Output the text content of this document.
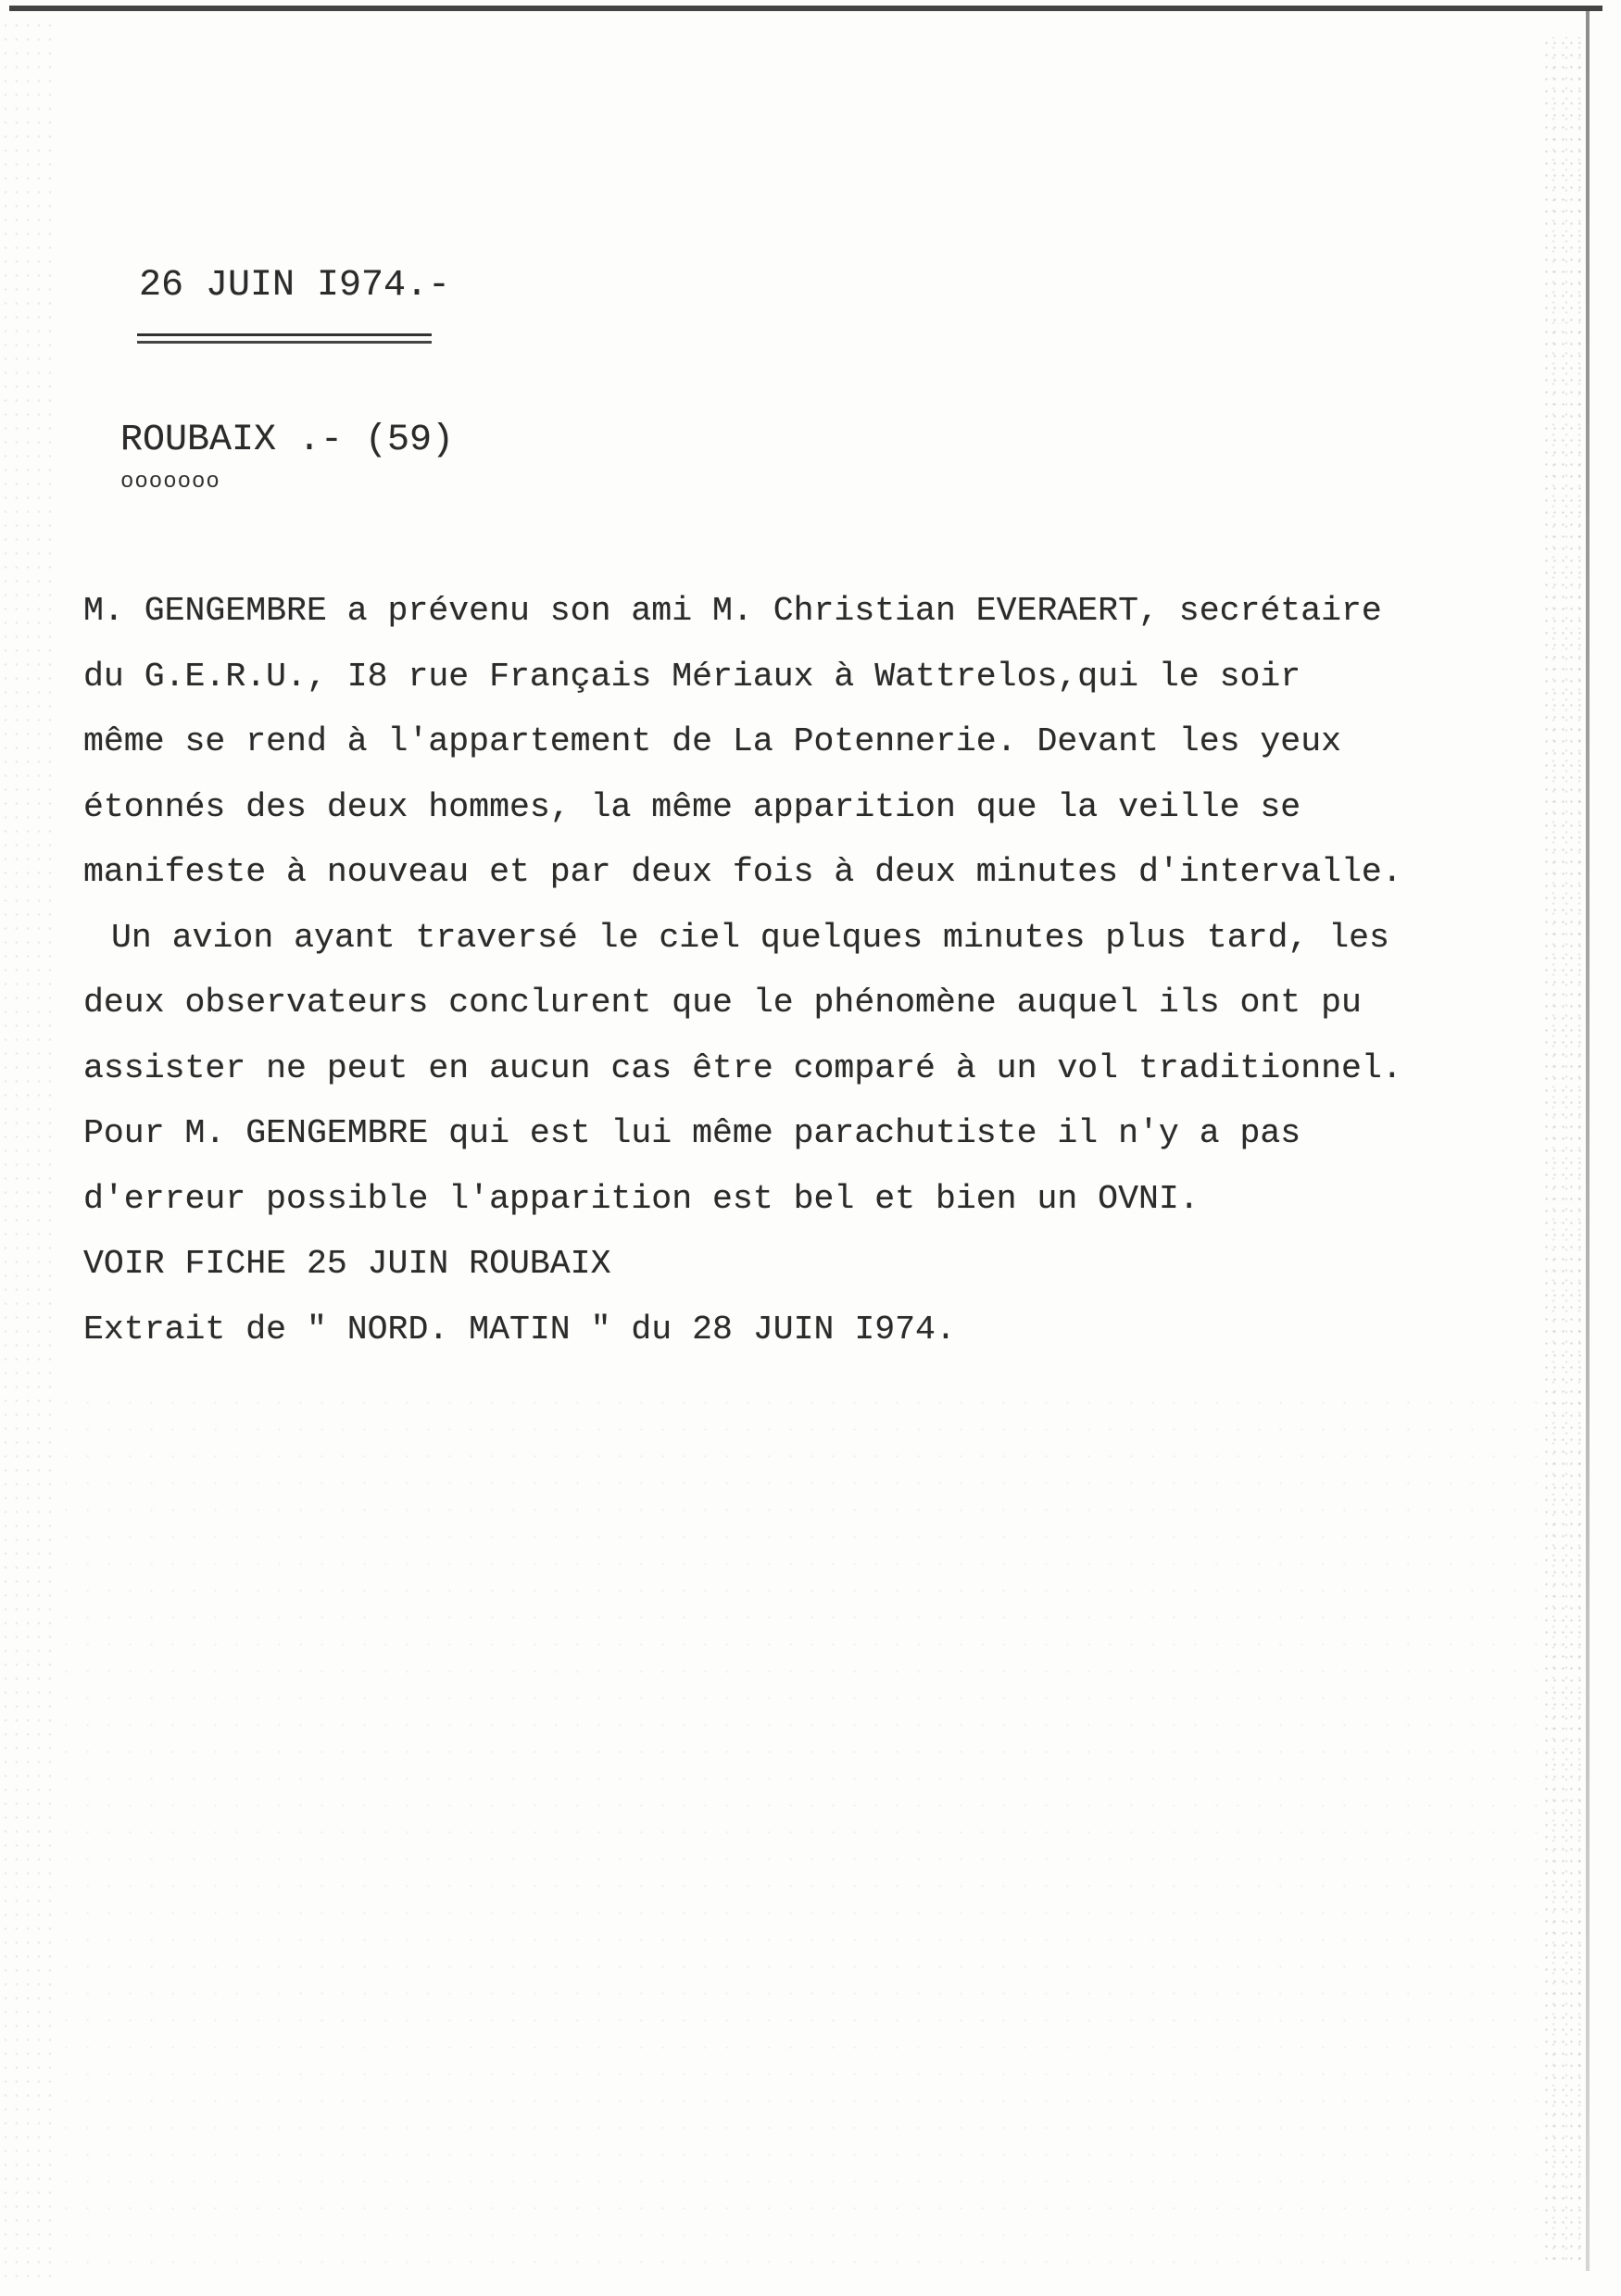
26 JUIN I974.-
ROUBAIX .- (59)
ooooooo
M. GENGEMBRE a prévenu son ami M. Christian EVERAERT, secrétaire
du G.E.R.U., I8 rue Français Mériaux à Wattrelos,qui le soir
même se rend à l'appartement de La Potennerie. Devant les yeux
étonnés des deux hommes, la même apparition que la veille se
manifeste à nouveau et par deux fois à deux minutes d'intervalle.
Un avion ayant traversé le ciel quelques minutes plus tard, les
deux observateurs conclurent que le phénomène auquel ils ont pu
assister ne peut en aucun cas être comparé à un vol traditionnel.
Pour M. GENGEMBRE qui est lui même parachutiste il n'y a pas
d'erreur possible l'apparition est bel et bien un OVNI.
VOIR FICHE 25 JUIN ROUBAIX
Extrait de " NORD. MATIN " du 28 JUIN I974.
